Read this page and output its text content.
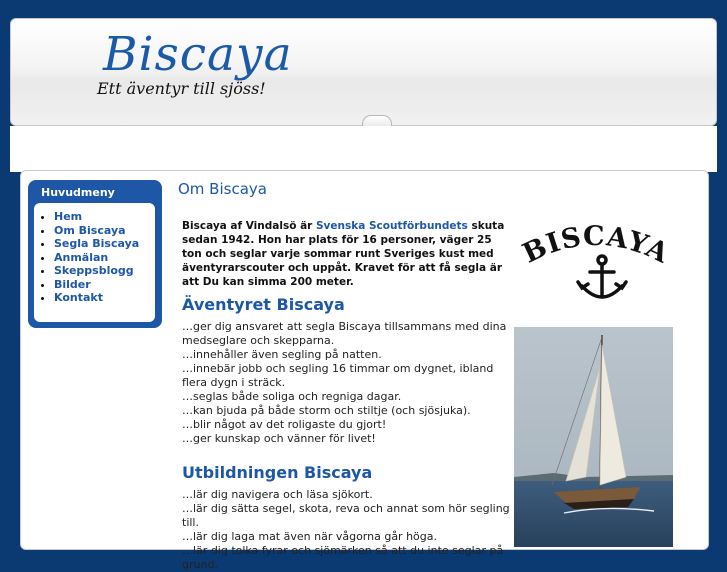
Biscaya
Ett äventyr till sjöss!
Huvudmeny
• Hem
• Om Biscaya
• Segla Biscaya
• Anmälan
• Skeppsblogg
• Bilder
• Kontakt
Om Biscaya
Biscaya af Vindalsö är Svenska Scoutförbundets skuta sedan 1942. Hon har plats för 16 personer, väger 25 ton och seglar varje sommar runt Sveriges kust med äventyrarscouter och uppåt. Kravet för att få segla är att Du kan simma 200 meter.
BISCAYA
Äventyret Biscaya
…ger dig ansvaret att segla Biscaya tillsammans med dina medseglare och skepparna.
…innehåller även segling på natten.
…innebär jobb och segling 16 timmar om dygnet, ibland flera dygn i sträck.
…seglas både soliga och regniga dagar.
…kan bjuda på både storm och stiltje (och sjösjuka).
…blir något av det roligaste du gjort!
…ger kunskap och vänner för livet!
Utbildningen Biscaya
…lär dig navigera och läsa sjökort.
…lär dig sätta segel, skota, reva och annat som hör segling till.
…lär dig laga mat även när vågorna går höga.
…lär dig tolka fyrar och sjömärken så att du inte seglar på grund.
